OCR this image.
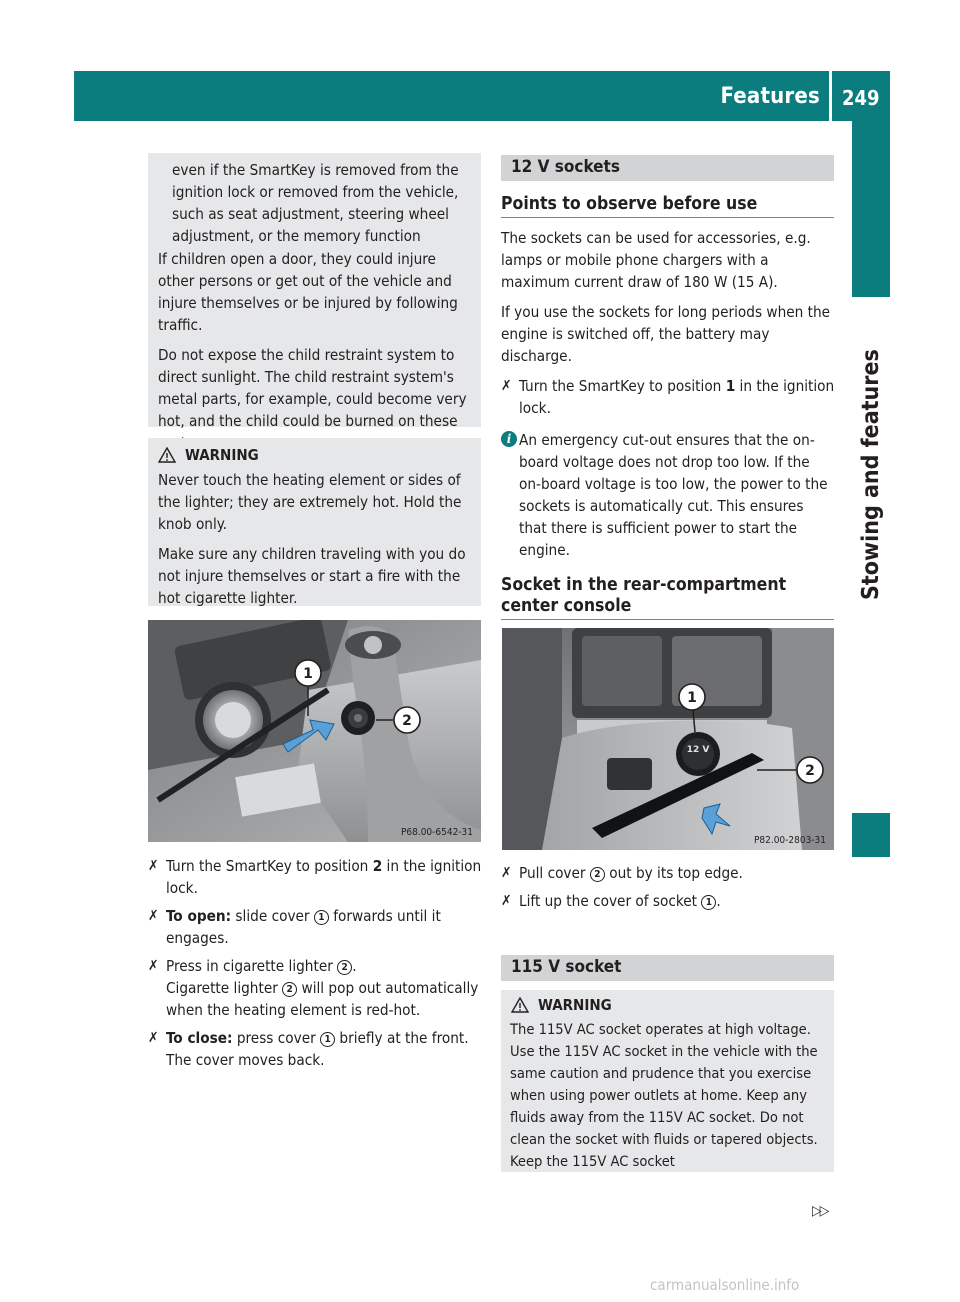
Features 249
Stowing and features
even if the SmartKey is removed from the
ignition lock or removed from the vehicle,
such as seat adjustment, steering wheel
adjustment, or the memory function

If children open a door, they could injure other persons or get out of the vehicle and injure themselves or be injured by following traffic.

Do not expose the child restraint system to direct sunlight. The child restraint system's metal parts, for example, could become very hot, and the child could be burned on these

WARNING

Never touch the heating element or sides of the lighter; they are extremely hot. Hold the knob only.

Make sure any children traveling with you do not injure themselves or start a fire with the hot cigarette lighter.

1
2
P68.00-6542-31
✗ Turn the SmartKey to position 2 in the ignition lock.
✗ To open: slide cover 1 forwards until it engages.
✗ Press in cigarette lighter 2 .
Cigarette lighter 2 will pop out automatically when the heating element is red-hot.
✗ To close: press cover 1 briefly at the front.
The cover moves back.
12 V sockets
Points to observe before use

The sockets can be used for accessories, e.g. lamps or mobile phone chargers with a maximum current draw of 180 W (15 A).

If you use the sockets for long periods when the engine is switched off, the battery may discharge.

✗ Turn the SmartKey to position 1 in the ignition lock.
i An emergency cut-out ensures that the on-board voltage does not drop too low. If the on-board voltage is too low, the power to the sockets is automatically cut. This ensures that there is sufficient power to start the engine.
Socket in the rear-compartment center console
12 V
1
2
P82.00-2803-31
✗ Pull cover 2 out by its top edge.
✗ Lift up the cover of socket 1 .
115 V socket
WARNING

The 115V AC socket operates at high voltage. Use the 115V AC socket in the vehicle with the same caution and prudence that you exercise when using power outlets at home. Keep any fluids away from the 115V AC socket. Do not clean the socket with fluids or tapered objects. Keep the 115V AC socket

▷▷
carmanualsonline.info
